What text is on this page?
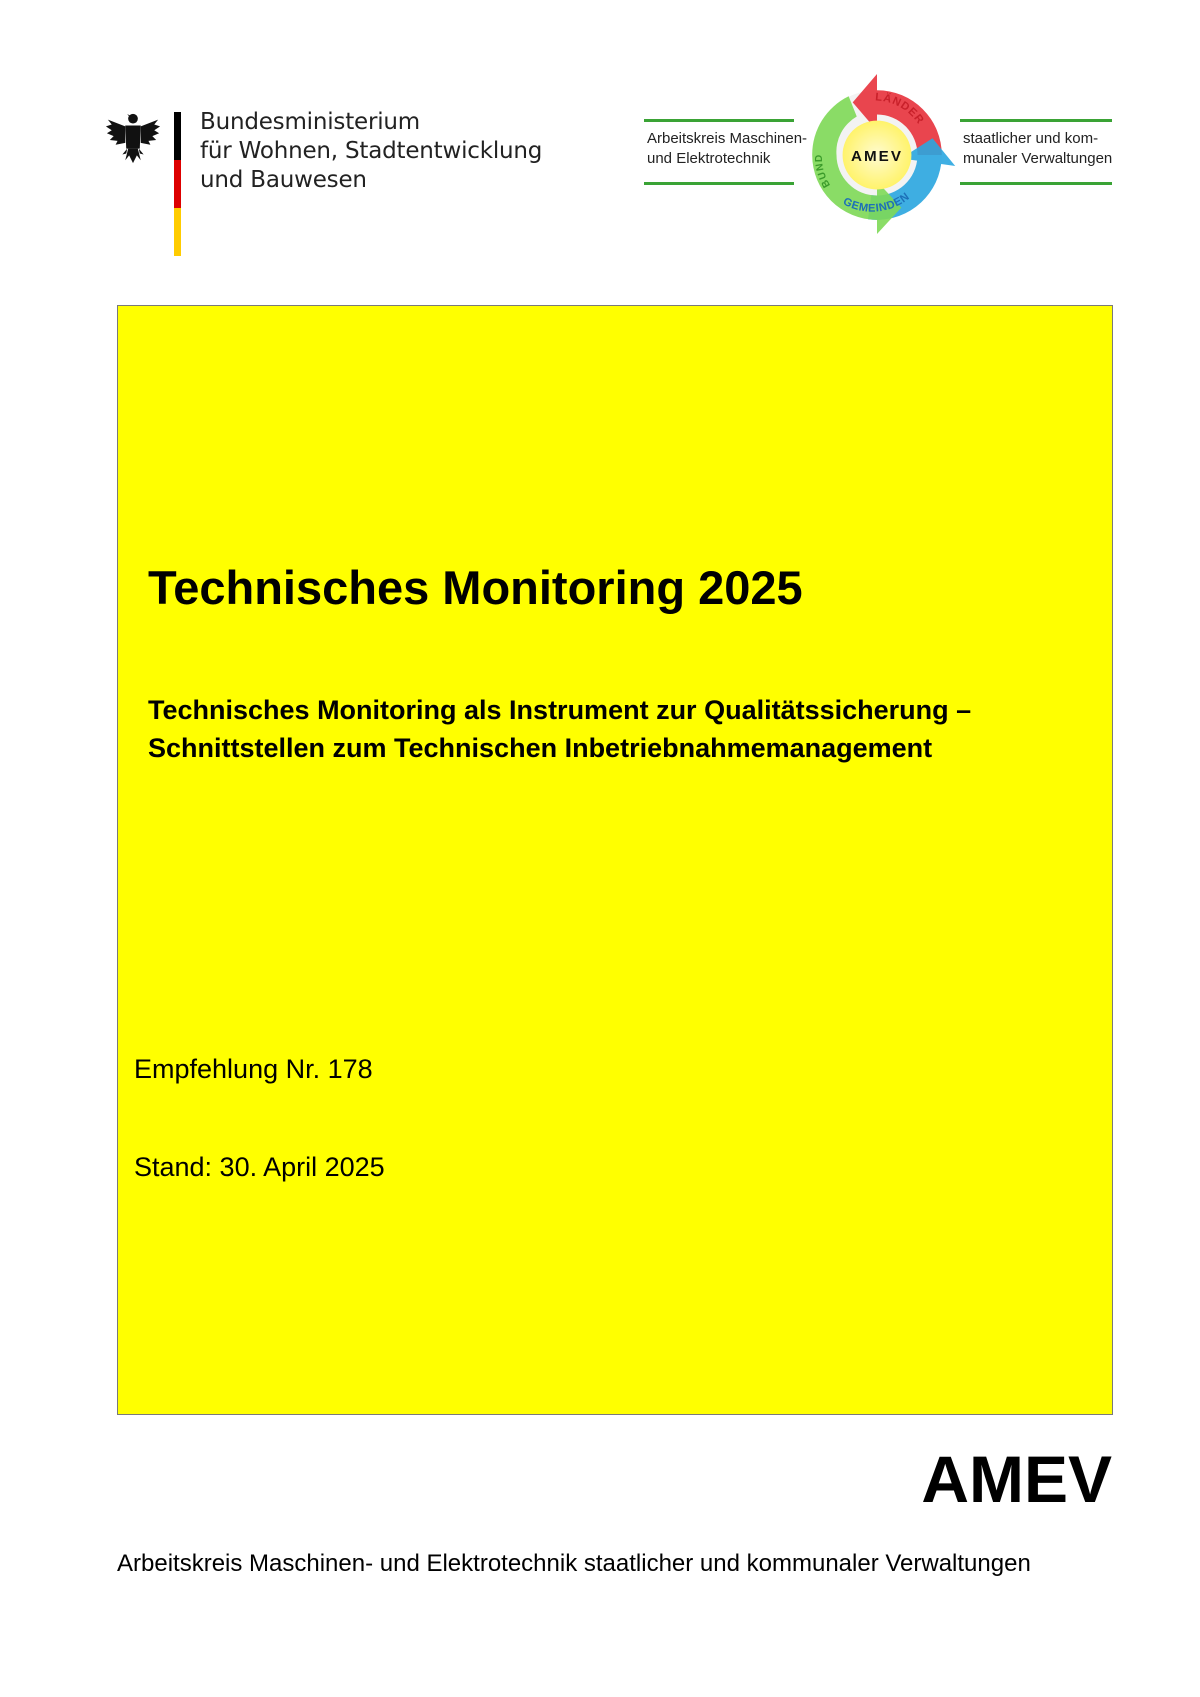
Bundesministerium
für Wohnen, Stadtentwicklung
und Bauwesen
Arbeitskreis Maschinen-
und Elektrotechnik
staatlicher und kom-
munaler Verwaltungen
AMEV
LÄNDER
BUND
GEMEINDEN
Technisches Monitoring 2025
Technisches Monitoring als Instrument zur Qualitätssicherung –
Schnittstellen zum Technischen Inbetriebnahmemanagement
Empfehlung Nr. 178
Stand: 30. April 2025
AMEV
Arbeitskreis Maschinen- und Elektrotechnik staatlicher und kommunaler Verwaltungen
